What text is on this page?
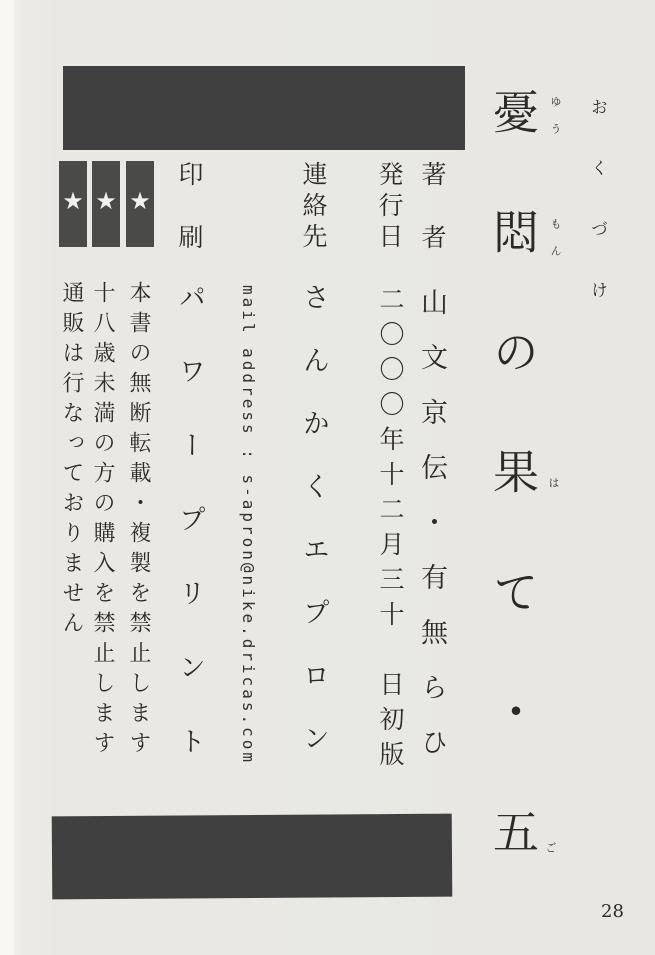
★ ★ ★	おくづけ
憂悶の果て・五 ゆう
もん
は
ご
著者
山文京伝・有無らひ
発行日
二〇〇〇年十二月三十　日初版
連絡先
さんかくエプロン
mail address : s-apron@nike.dricas.com
印刷
パワープリント
本書の無断転載・複製を禁止します
十八歳未満の方の購入を禁止します
通販は行なっておりません
28
